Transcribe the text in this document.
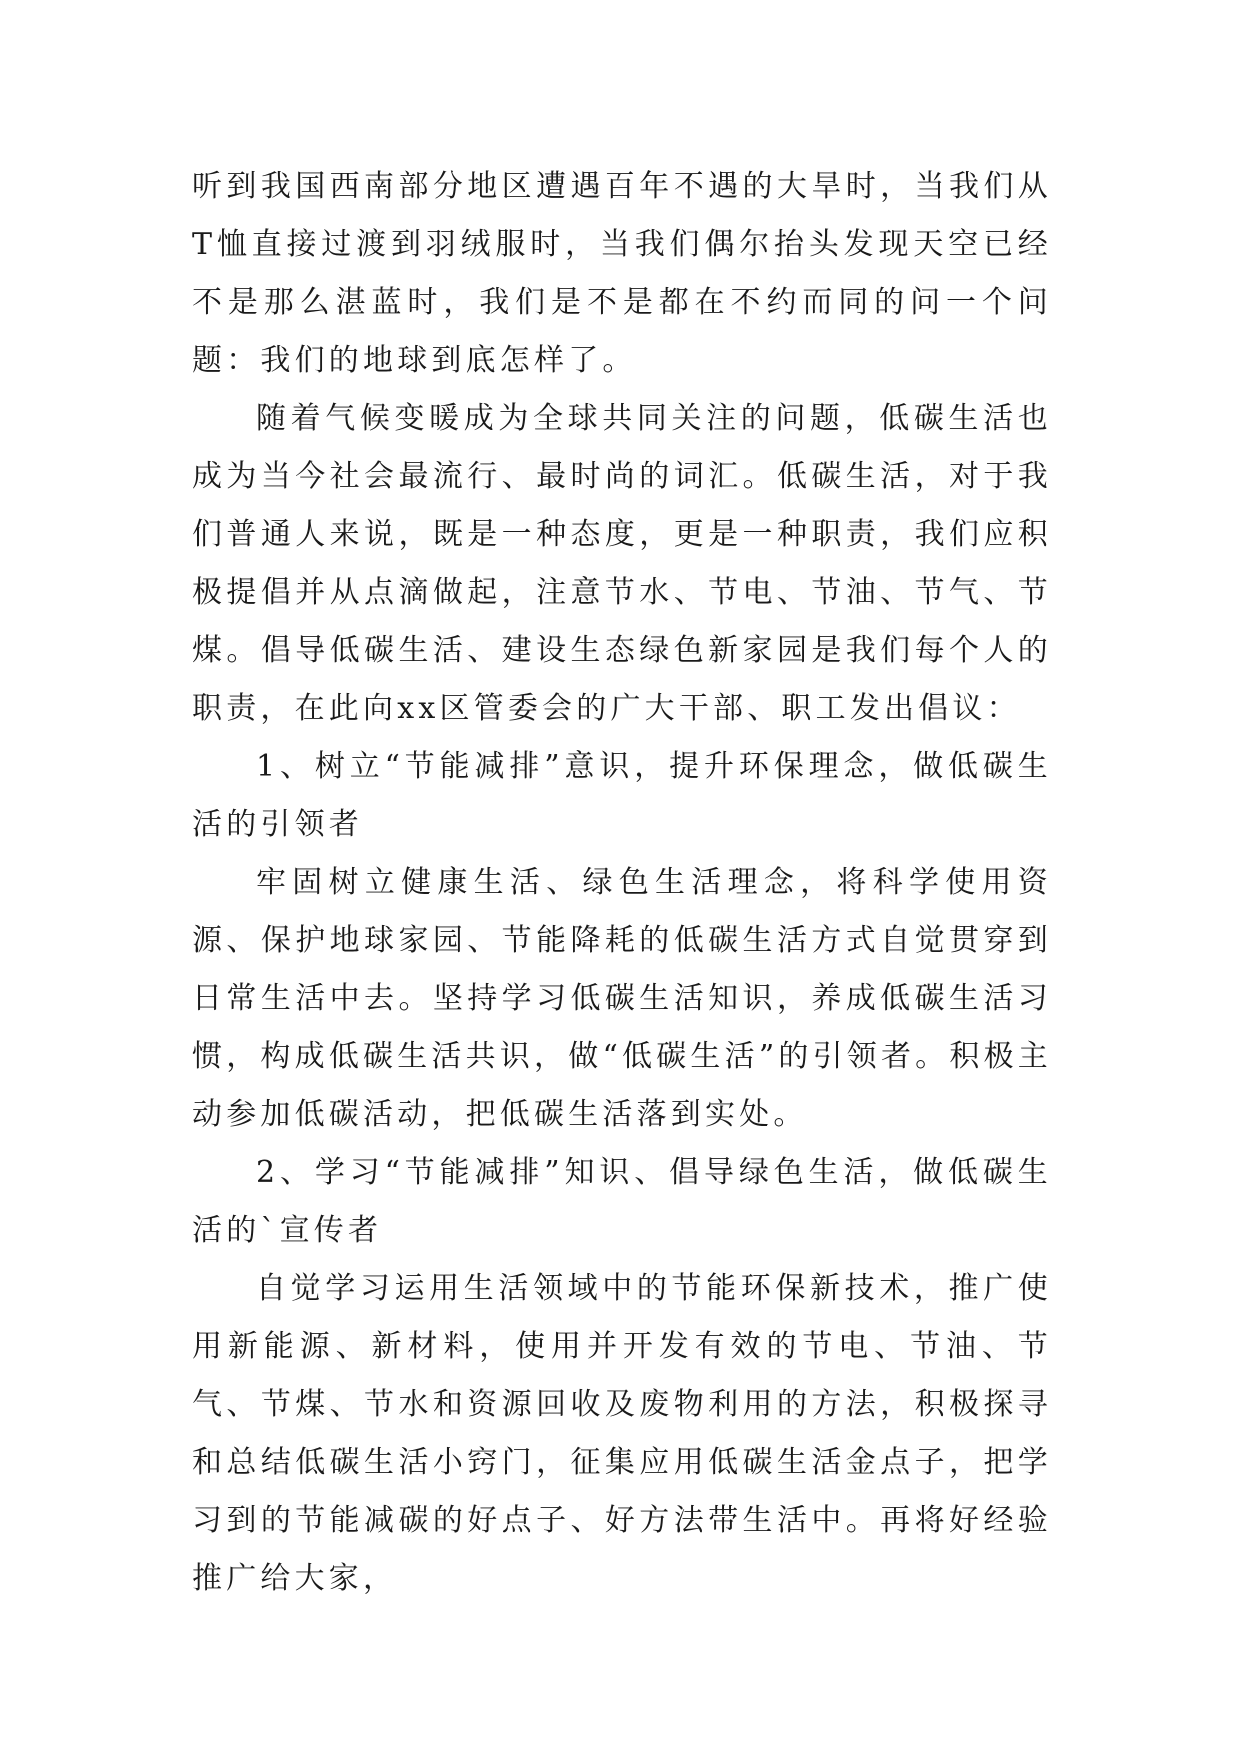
听到我国西南部分地区遭遇百年不遇的大旱时，当我们从T恤直接过渡到羽绒服时，当我们偶尔抬头发现天空已经不是那么湛蓝时，我们是不是都在不约而同的问一个问题：我们的地球到底怎样了。

随着气候变暖成为全球共同关注的问题，低碳生活也成为当今社会最流行、最时尚的词汇。低碳生活，对于我们普通人来说，既是一种态度，更是一种职责，我们应积极提倡并从点滴做起，注意节水、节电、节油、节气、节煤。倡导低碳生活、建设生态绿色新家园是我们每个人的职责，在此向xx区管委会的广大干部、职工发出倡议：

1、树立“节能减排”意识，提升环保理念，做低碳生活的引领者

牢固树立健康生活、绿色生活理念，将科学使用资源、保护地球家园、节能降耗的低碳生活方式自觉贯穿到日常生活中去。坚持学习低碳生活知识，养成低碳生活习惯，构成低碳生活共识，做“低碳生活”的引领者。积极主动参加低碳活动，把低碳生活落到实处。

2、学习“节能减排”知识、倡导绿色生活，做低碳生活的`宣传者

自觉学习运用生活领域中的节能环保新技术，推广使用新能源、新材料，使用并开发有效的节电、节油、节气、节煤、节水和资源回收及废物利用的方法，积极探寻和总结低碳生活小窍门，征集应用低碳生活金点子，把学习到的节能减碳的好点子、好方法带生活中。再将好经验推广给大家，
